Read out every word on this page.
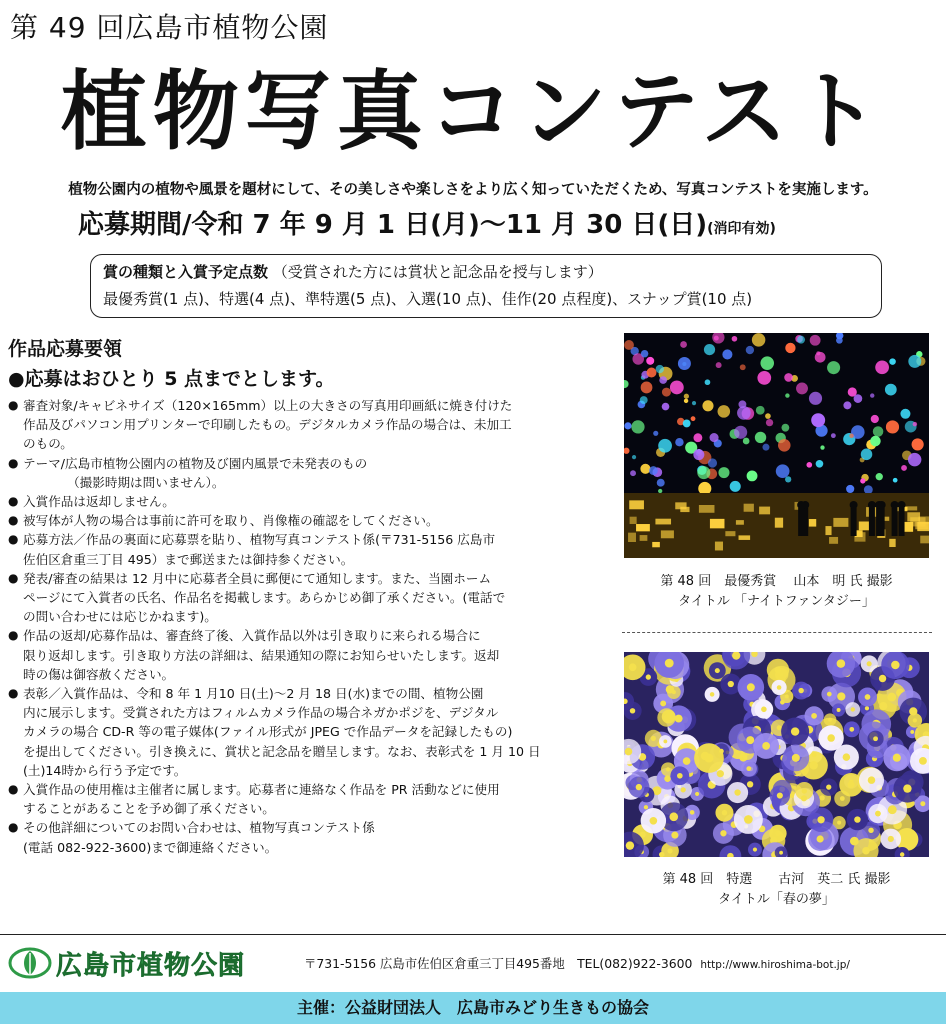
第 49 回広島市植物公園
植物写真コンテスト
植物公園内の植物や風景を題材にして、その美しさや楽しさをより広く知っていただくため、写真コンテストを実施します。
応募期間/令和 7 年 9 月 1 日(月)～11 月 30 日(日)(消印有効)
賞の種類と入賞予定点数 （受賞された方には賞状と記念品を授与します）
最優秀賞(1 点)、特選(4 点)、準特選(5 点)、入選(10 点)、佳作(20 点程度)、スナップ賞(10 点)
作品応募要領
●応募はおひとり 5 点までとします。
● 審査対象/キャビネサイズ（120×165mm）以上の大きさの写真用印画紙に焼き付けた
作品及びパソコン用プリンターで印刷したもの。デジタルカメラ作品の場合は、未加工
のもの。
● テーマ/広島市植物公園内の植物及び園内風景で未発表のもの
　　　　（撮影時期は問いません）。
● 入賞作品は返却しません。
● 被写体が人物の場合は事前に許可を取り、肖像権の確認をしてください。
● 応募方法／作品の裏面に応募票を貼り、植物写真コンテスト係(〒731-5156 広島市
佐伯区倉重三丁目 495）まで郵送または御持参ください。
● 発表/審査の結果は 12 月中に応募者全員に郵便にて通知します。また、当園ホーム
ページにて入賞者の氏名、作品名を掲載します。あらかじめ御了承ください。(電話で
の問い合わせには応じかねます)。
● 作品の返却/応募作品は、審査終了後、入賞作品以外は引き取りに来られる場合に
限り返却します。引き取り方法の詳細は、結果通知の際にお知らせいたします。返却
時の傷は御容赦ください。
● 表彰／入賞作品は、令和 8 年 1 月10 日(土)～2 月 18 日(水)までの間、植物公園
内に展示します。受賞された方はフィルムカメラ作品の場合ネガかポジを、デジタル
カメラの場合 CD-R 等の電子媒体(ファイル形式が JPEG で作品データを記録したもの)
を提出してください。引き換えに、賞状と記念品を贈呈します。なお、表彰式を 1 月 10 日
(土)14時から行う予定です。
● 入賞作品の使用権は主催者に属します。応募者に連絡なく作品を PR 活動などに使用
することがあることを予め御了承ください。
● その他詳細についてのお問い合わせは、植物写真コンテスト係
(電話 082-922-3600)まで御連絡ください。
第 48 回　最優秀賞　 山本　明 氏 撮影
タイトル 「ナイトファンタジー」
第 48 回　特選　　古河　英二 氏 撮影
タイトル「春の夢」
広島市植物公園	〒731-5156 広島市佐伯区倉重三丁目495番地　TEL(082)922-3600 http://www.hiroshima-bot.jp/
主催：公益財団法人　広島市みどり生きもの協会
